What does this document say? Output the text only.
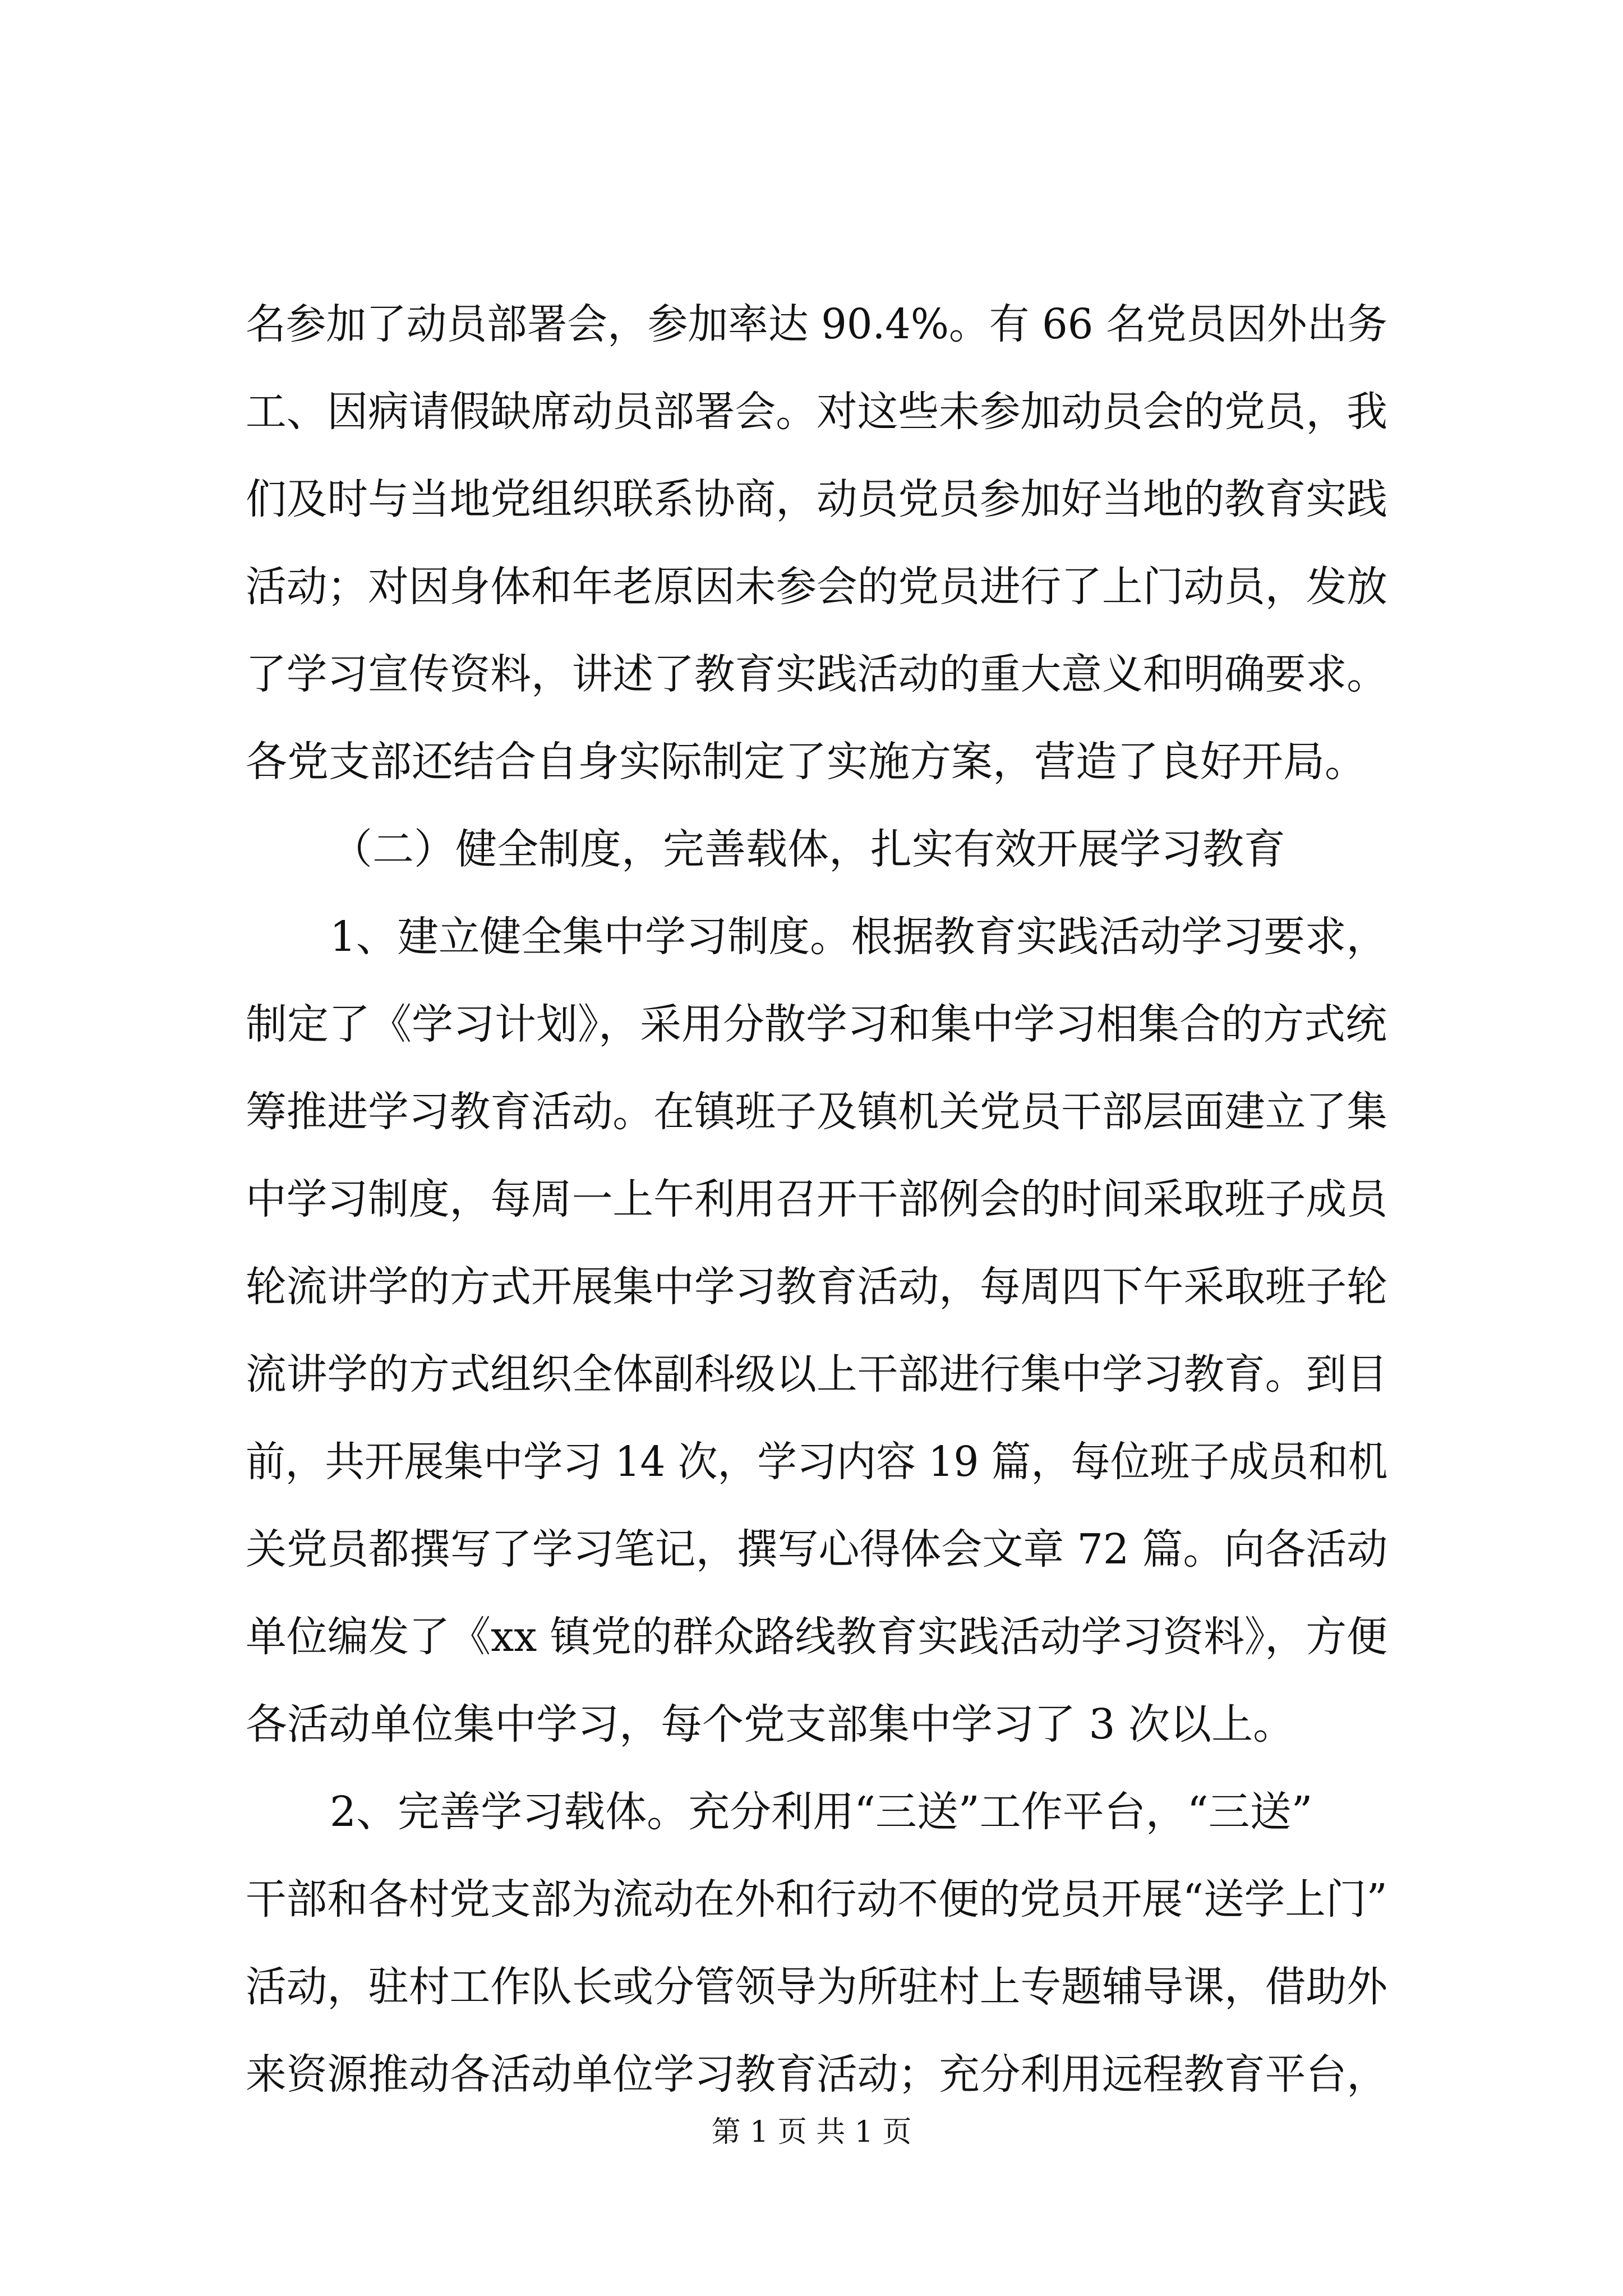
名参加了动员部署会，参加率达 90.4%。有 66 名党员因外出务
工、因病请假缺席动员部署会。对这些未参加动员会的党员，我
们及时与当地党组织联系协商，动员党员参加好当地的教育实践
活动；对因身体和年老原因未参会的党员进行了上门动员，发放
了学习宣传资料，讲述了教育实践活动的重大意义和明确要求。
各党支部还结合自身实际制定了实施方案，营造了良好开局。
（二）健全制度，完善载体，扎实有效开展学习教育
1、建立健全集中学习制度。根据教育实践活动学习要求，
制定了《学习计划》，采用分散学习和集中学习相集合的方式统
筹推进学习教育活动。在镇班子及镇机关党员干部层面建立了集
中学习制度，每周一上午利用召开干部例会的时间采取班子成员
轮流讲学的方式开展集中学习教育活动，每周四下午采取班子轮
流讲学的方式组织全体副科级以上干部进行集中学习教育。到目
前，共开展集中学习 14 次，学习内容 19 篇，每位班子成员和机
关党员都撰写了学习笔记，撰写心得体会文章 72 篇。向各活动
单位编发了《xx 镇党的群众路线教育实践活动学习资料》，方便
各活动单位集中学习，每个党支部集中学习了 3 次以上。
2、完善学习载体。充分利用“三送”工作平台，“三送”
干部和各村党支部为流动在外和行动不便的党员开展“送学上门”
活动，驻村工作队长或分管领导为所驻村上专题辅导课，借助外
来资源推动各活动单位学习教育活动；充分利用远程教育平台，
第 1 页 共 1 页
